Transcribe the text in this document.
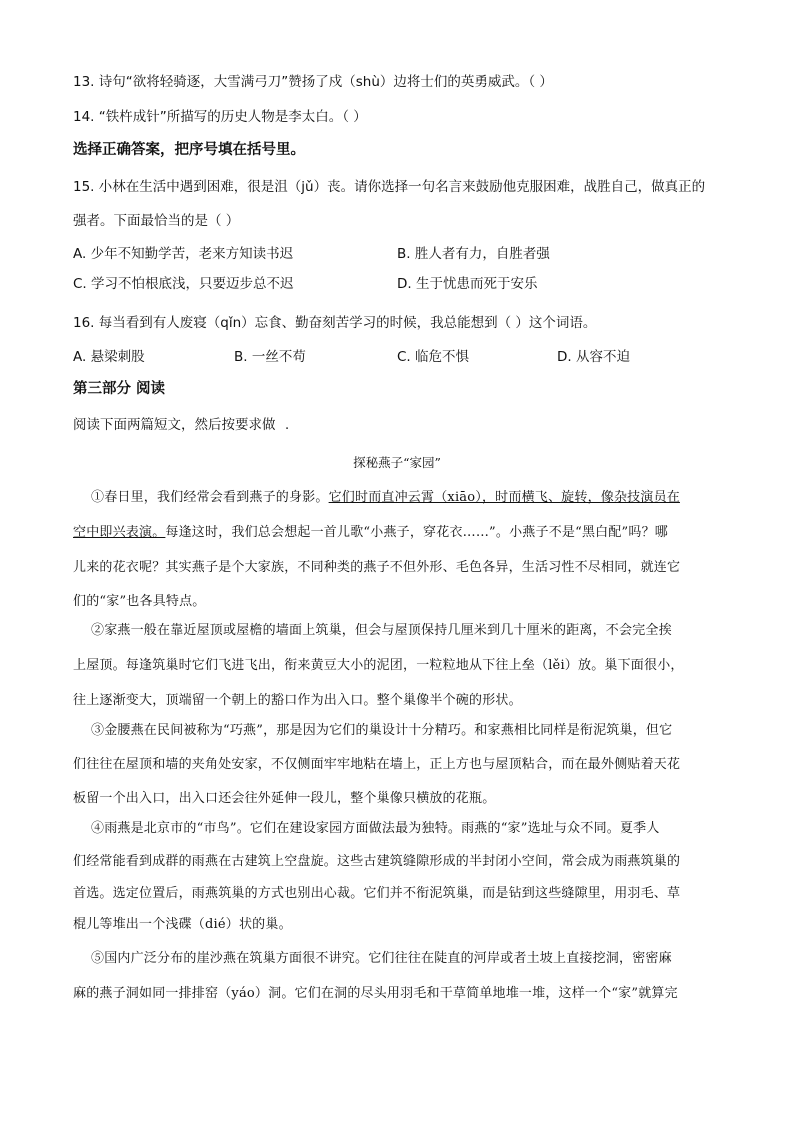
13. 诗句“欲将轻骑逐，大雪满弓刀”赞扬了戍（shù）边将士们的英勇威武。（ ）
14. “铁杵成针”所描写的历史人物是李太白。（ ）
选择正确答案，把序号填在括号里。
15. 小林在生活中遇到困难，很是沮（jǔ）丧。请你选择一句名言来鼓励他克服困难，战胜自己，做真正的
强者。下面最恰当的是（ ）
A. 少年不知勤学苦，老来方知读书迟	B. 胜人者有力，自胜者强
C. 学习不怕根底浅，只要迈步总不迟	D. 生于忧患而死于安乐
16. 每当看到有人废寝（qǐn）忘食、勤奋刻苦学习的时候，我总能想到（ ）这个词语。
A. 悬梁刺股	B. 一丝不苟	C. 临危不惧	D. 从容不迫
第三部分 阅读
阅读下面两篇短文，然后按要求做 .
探秘燕子“家园”
①春日里，我们经常会看到燕子的身影。它们时而直冲云霄（xiāo），时而横飞、旋转，像杂技演员在
空中即兴表演。每逢这时，我们总会想起一首儿歌“小燕子，穿花衣……”。小燕子不是“黑白配”吗？哪
儿来的花衣呢？其实燕子是个大家族，不同种类的燕子不但外形、毛色各异，生活习性不尽相同，就连它
们的“家”也各具特点。
②家燕一般在靠近屋顶或屋檐的墙面上筑巢，但会与屋顶保持几厘米到几十厘米的距离，不会完全挨
上屋顶。每逢筑巢时它们飞进飞出，衔来黄豆大小的泥团，一粒粒地从下往上垒（lěi）放。巢下面很小，
往上逐渐变大，顶端留一个朝上的豁口作为出入口。整个巢像半个碗的形状。
③金腰燕在民间被称为“巧燕”，那是因为它们的巢设计十分精巧。和家燕相比同样是衔泥筑巢，但它
们往往在屋顶和墙的夹角处安家，不仅侧面牢牢地粘在墙上，正上方也与屋顶粘合，而在最外侧贴着天花
板留一个出入口，出入口还会往外延伸一段儿，整个巢像只横放的花瓶。
④雨燕是北京市的“市鸟”。它们在建设家园方面做法最为独特。雨燕的“家”选址与众不同。夏季人
们经常能看到成群的雨燕在古建筑上空盘旋。这些古建筑缝隙形成的半封闭小空间，常会成为雨燕筑巢的
首选。选定位置后，雨燕筑巢的方式也别出心裁。它们并不衔泥筑巢，而是钻到这些缝隙里，用羽毛、草
棍儿等堆出一个浅碟（dié）状的巢。
⑤国内广泛分布的崖沙燕在筑巢方面很不讲究。它们往往在陡直的河岸或者土坡上直接挖洞，密密麻
麻的燕子洞如同一排排窑（yáo）洞。它们在洞的尽头用羽毛和干草简单地堆一堆，这样一个“家”就算完
